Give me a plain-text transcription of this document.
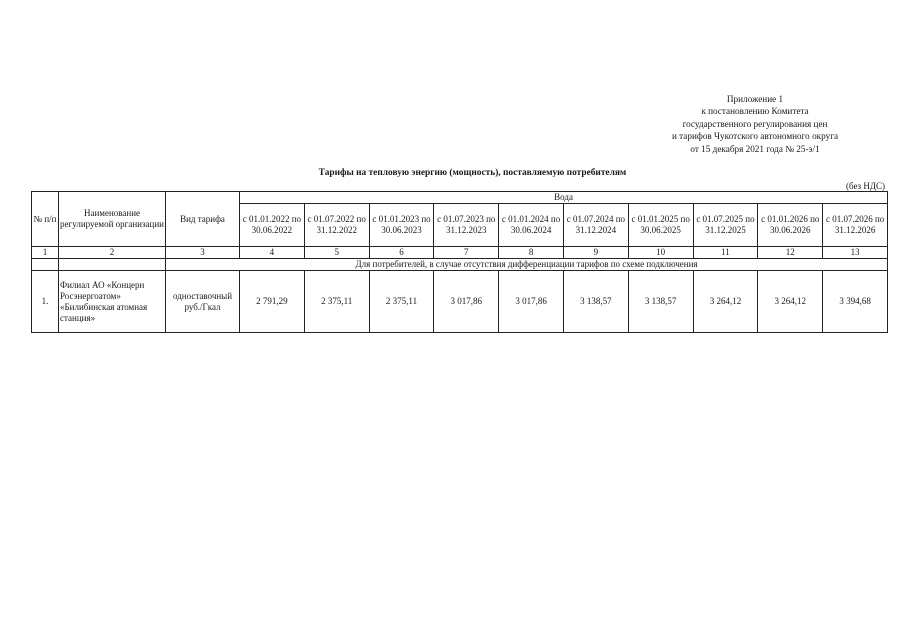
Приложение 1
к постановлению Комитета
государственного регулирования цен
и тарифов Чукотского автономного округа
от 15 декабря 2021 года № 25-э/1
Тарифы на тепловую энергию (мощность), поставляемую потребителям
(без НДС)
№ п/п	Наименование регулируемой организации	Вид тарифа	Вода									
			с 01.01.2022 по 30.06.2022	с 01.07.2022 по 31.12.2022	с 01.01.2023 по 30.06.2023	с 01.07.2023 по 31.12.2023	с 01.01.2024 по 30.06.2024	с 01.07.2024 по 31.12.2024	с 01.01.2025 по 30.06.2025	с 01.07.2025 по 31.12.2025	с 01.01.2026 по 30.06.2026	с 01.07.2026 по 31.12.2026
1	2	3	4	5	6	7	8	9	10	11	12	13
		Для потребителей, в случае отсутствия дифференциации тарифов по схеме подключения										
1.	Филиал АО «Концерн Росэнергоатом» «Билибинская атомная станция»	одноставочный руб./Гкал	2 791,29	2 375,11	2 375,11	3 017,86	3 017,86	3 138,57	3 138,57	3 264,12	3 264,12	3 394,68
